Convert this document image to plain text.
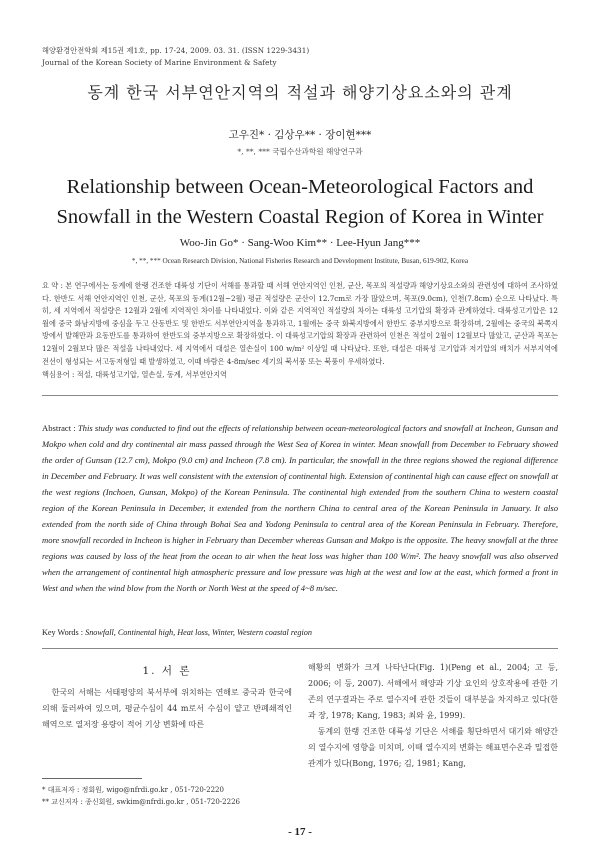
해양환경안전학회 제15권 제1호, pp. 17-24, 2009. 03. 31. (ISSN 1229-3431)
Journal of the Korean Society of Marine Environment & Safety
동계 한국 서부연안지역의 적설과 해양기상요소와의 관계
고우진* · 김상우** · 장이현***
*, **, *** 국립수산과학원 해양연구과
Relationship between Ocean-Meteorological Factors and Snowfall in the Western Coastal Region of Korea in Winter
Woo-Jin Go* · Sang-Woo Kim** · Lee-Hyun Jang***
*, **, *** Ocean Research Division, National Fisheries Research and Development Institute, Busan, 619-902, Korea
요 약 : 본 연구에서는 동계에 한랭 건조한 대륙성 기단이 서해를 통과할 때 서해 연안지역인 인천, 군산, 목포의 적설량과 해양기상요소와의 관련성에 대하여 조사하였다. 한반도 서해 연안지역인 인천, 군산, 목포의 동계(12월~2월) 평균 적설량은 군산이 12.7cm로 가장 많았으며, 목포(9.0cm), 인천(7.8cm) 순으로 나타났다. 특히, 세 지역에서 적설량은 12월과 2월에 지역적인 차이를 나타내었다. 이와 같은 지역적인 적설량의 차이는 대륙성 고기압의 확장과 관계하였다. 대륙성고기압은 12월에 중국 화남지방에 중심을 두고 산동반도 및 한반도 서부연안지역을 통과하고, 1월에는 중국 화북지방에서 한반도 중부지방으로 확장하며, 2월에는 중국의 북쪽지방에서 발해만과 요동반도를 통과하여 한반도의 중부지방으로 확장하였다. 이 대륙성고기압의 확장과 관련하여 인천은 적설이 2월이 12월보다 많았고, 군산과 목포는 12월이 2월보다 많은 적설을 나타내었다. 세 지역에서 대설은 열손실이 100 w/m² 이상일 때 나타났다. 또한, 대설은 대륙성 고기압과 저기압의 배치가 서부지역에 전선이 형성되는 서고동저형일 때 발생하였고, 이때 바람은 4-8m/sec 세기의 북서풍 또는 북풍이 우세하였다.
핵심용어 : 적설, 대륙성고기압, 열손실, 동계, 서부연안지역
Abstract : This study was conducted to find out the effects of relationship between ocean-meteorological factors and snowfall at Incheon, Gunsan and Mokpo when cold and dry continental air mass passed through the West Sea of Korea in winter. Mean snowfall from December to February showed the order of Gunsan (12.7 cm), Mokpo (9.0 cm) and Incheon (7.8 cm). In particular, the snowfall in the three regions showed the regional difference in December and February. It was well consistent with the extension of continental high. Extension of continental high can cause effect on snowfall at the west regions (Inchoen, Gunsan, Mokpo) of the Korean Peninsula. The continental high extended from the southern China to western coastal region of the Korean Peninsula in December, it extended from the northern China to central area of the Korean Peninsula in January. It also extended from the north side of China through Bohai Sea and Yodong Peninsula to central area of the Korean Peninsula in February. Therefore, more snowfall recorded in Incheon is higher in February than December whereas Gunsan and Mokpo is the opposite. The heavy snowfall at the three regions was caused by loss of the heat from the ocean to air when the heat loss was higher than 100 W/m². The heavy snowfall was also observed when the arrangement of continental high atmospheric pressure and low pressure was high at the west and low at the east, which formed a front in West and when the wind blow from the North or North West at the speed of 4~8 m/sec.
Key Words : Snowfall, Continental high, Heat loss, Winter, Western coastal region
1. 서 론

한국의 서해는 서태평양의 북서부에 위치하는 연해로 중국과 한국에 의해 둘러싸여 있으며, 평균수심이 44 m로서 수심이 얕고 반폐쇄적인 해역으로 열저장 용량이 적어 기상 변화에 따른

해황의 변화가 크게 나타난다(Fig. 1)(Peng et al., 2004; 고 등, 2006; 이 등, 2007). 서해에서 해양과 기상 요인의 상호작용에 관한 기존의 연구결과는 주로 열수지에 관한 것들이 대부분을 차지하고 있다(한과 장, 1978; Kang, 1983; 최와 윤, 1999).

동계의 한랭 건조한 대륙성 기단은 서해를 횡단하면서 대기와 해양간의 열수지에 영향을 미치며, 이때 열수지의 변화는 해표면수온과 밀접한 관계가 있다(Bong, 1976; 김, 1981; Kang,

* 대표저자 : 정회원, wigo@nfrdi.go.kr , 051-720-2220
** 교신저자 : 종신회원, swkim@nfrdi.go.kr , 051-720-2226
- 17 -
